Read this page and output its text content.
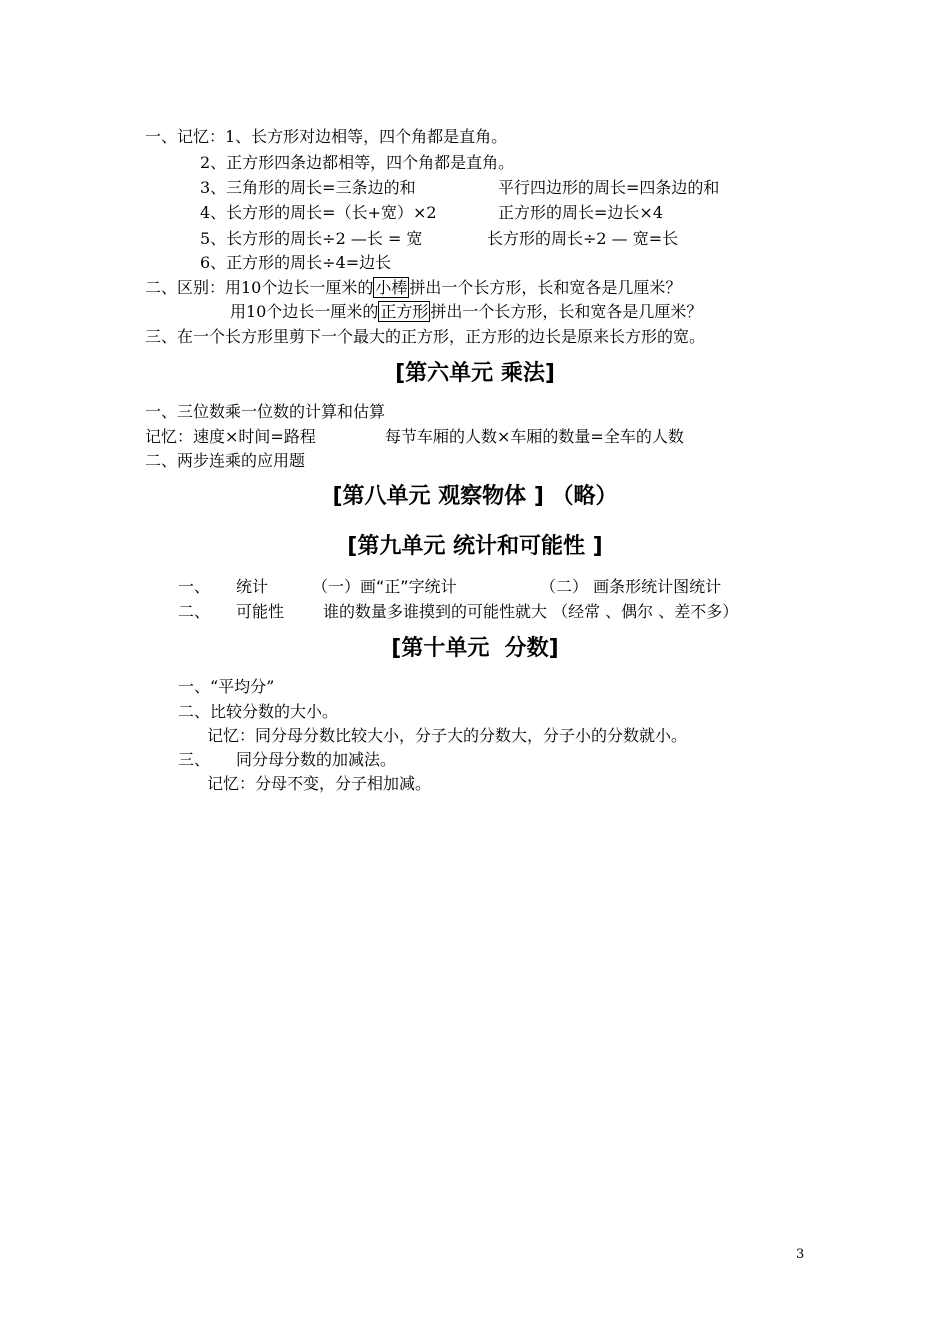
一、记忆：1、长方形对边相等，四个角都是直角。
2、正方形四条边都相等，四个角都是直角。
3、三角形的周长=三条边的和	平行四边形的周长=四条边的和
4、长方形的周长=（长+宽）×2	正方形的周长=边长×4
5、长方形的周长÷2 —长 = 宽	长方形的周长÷2 — 宽=长
6、正方形的周长÷4=边长
二、区别：用10个边长一厘米的 小棒 拼出一个长方形，长和宽各是几厘米？
用10个边长一厘米的 正方形 拼出一个长方形，长和宽各是几厘米？
三、在一个长方形里剪下一个最大的正方形，正方形的边长是原来长方形的宽。
[第六单元 乘法]
一、三位数乘一位数的计算和估算
记忆：速度×时间=路程	每节车厢的人数×车厢的数量=全车的人数
二、两步连乘的应用题
[第八单元 观察物体 ] （略）
[第九单元 统计和可能性 ]
一、 统计	（一）画“正”字统计	（二） 画条形统计图统计
二、 可能性 谁的数量多谁摸到的可能性就大 （经常 、偶尔 、差不多）
[第十单元  分数]
一、“平均分”
二、比较分数的大小。
记忆：同分母分数比较大小，分子大的分数大，分子小的分数就小。
三、 同分母分数的加减法。
记忆：分母不变，分子相加减。
3
